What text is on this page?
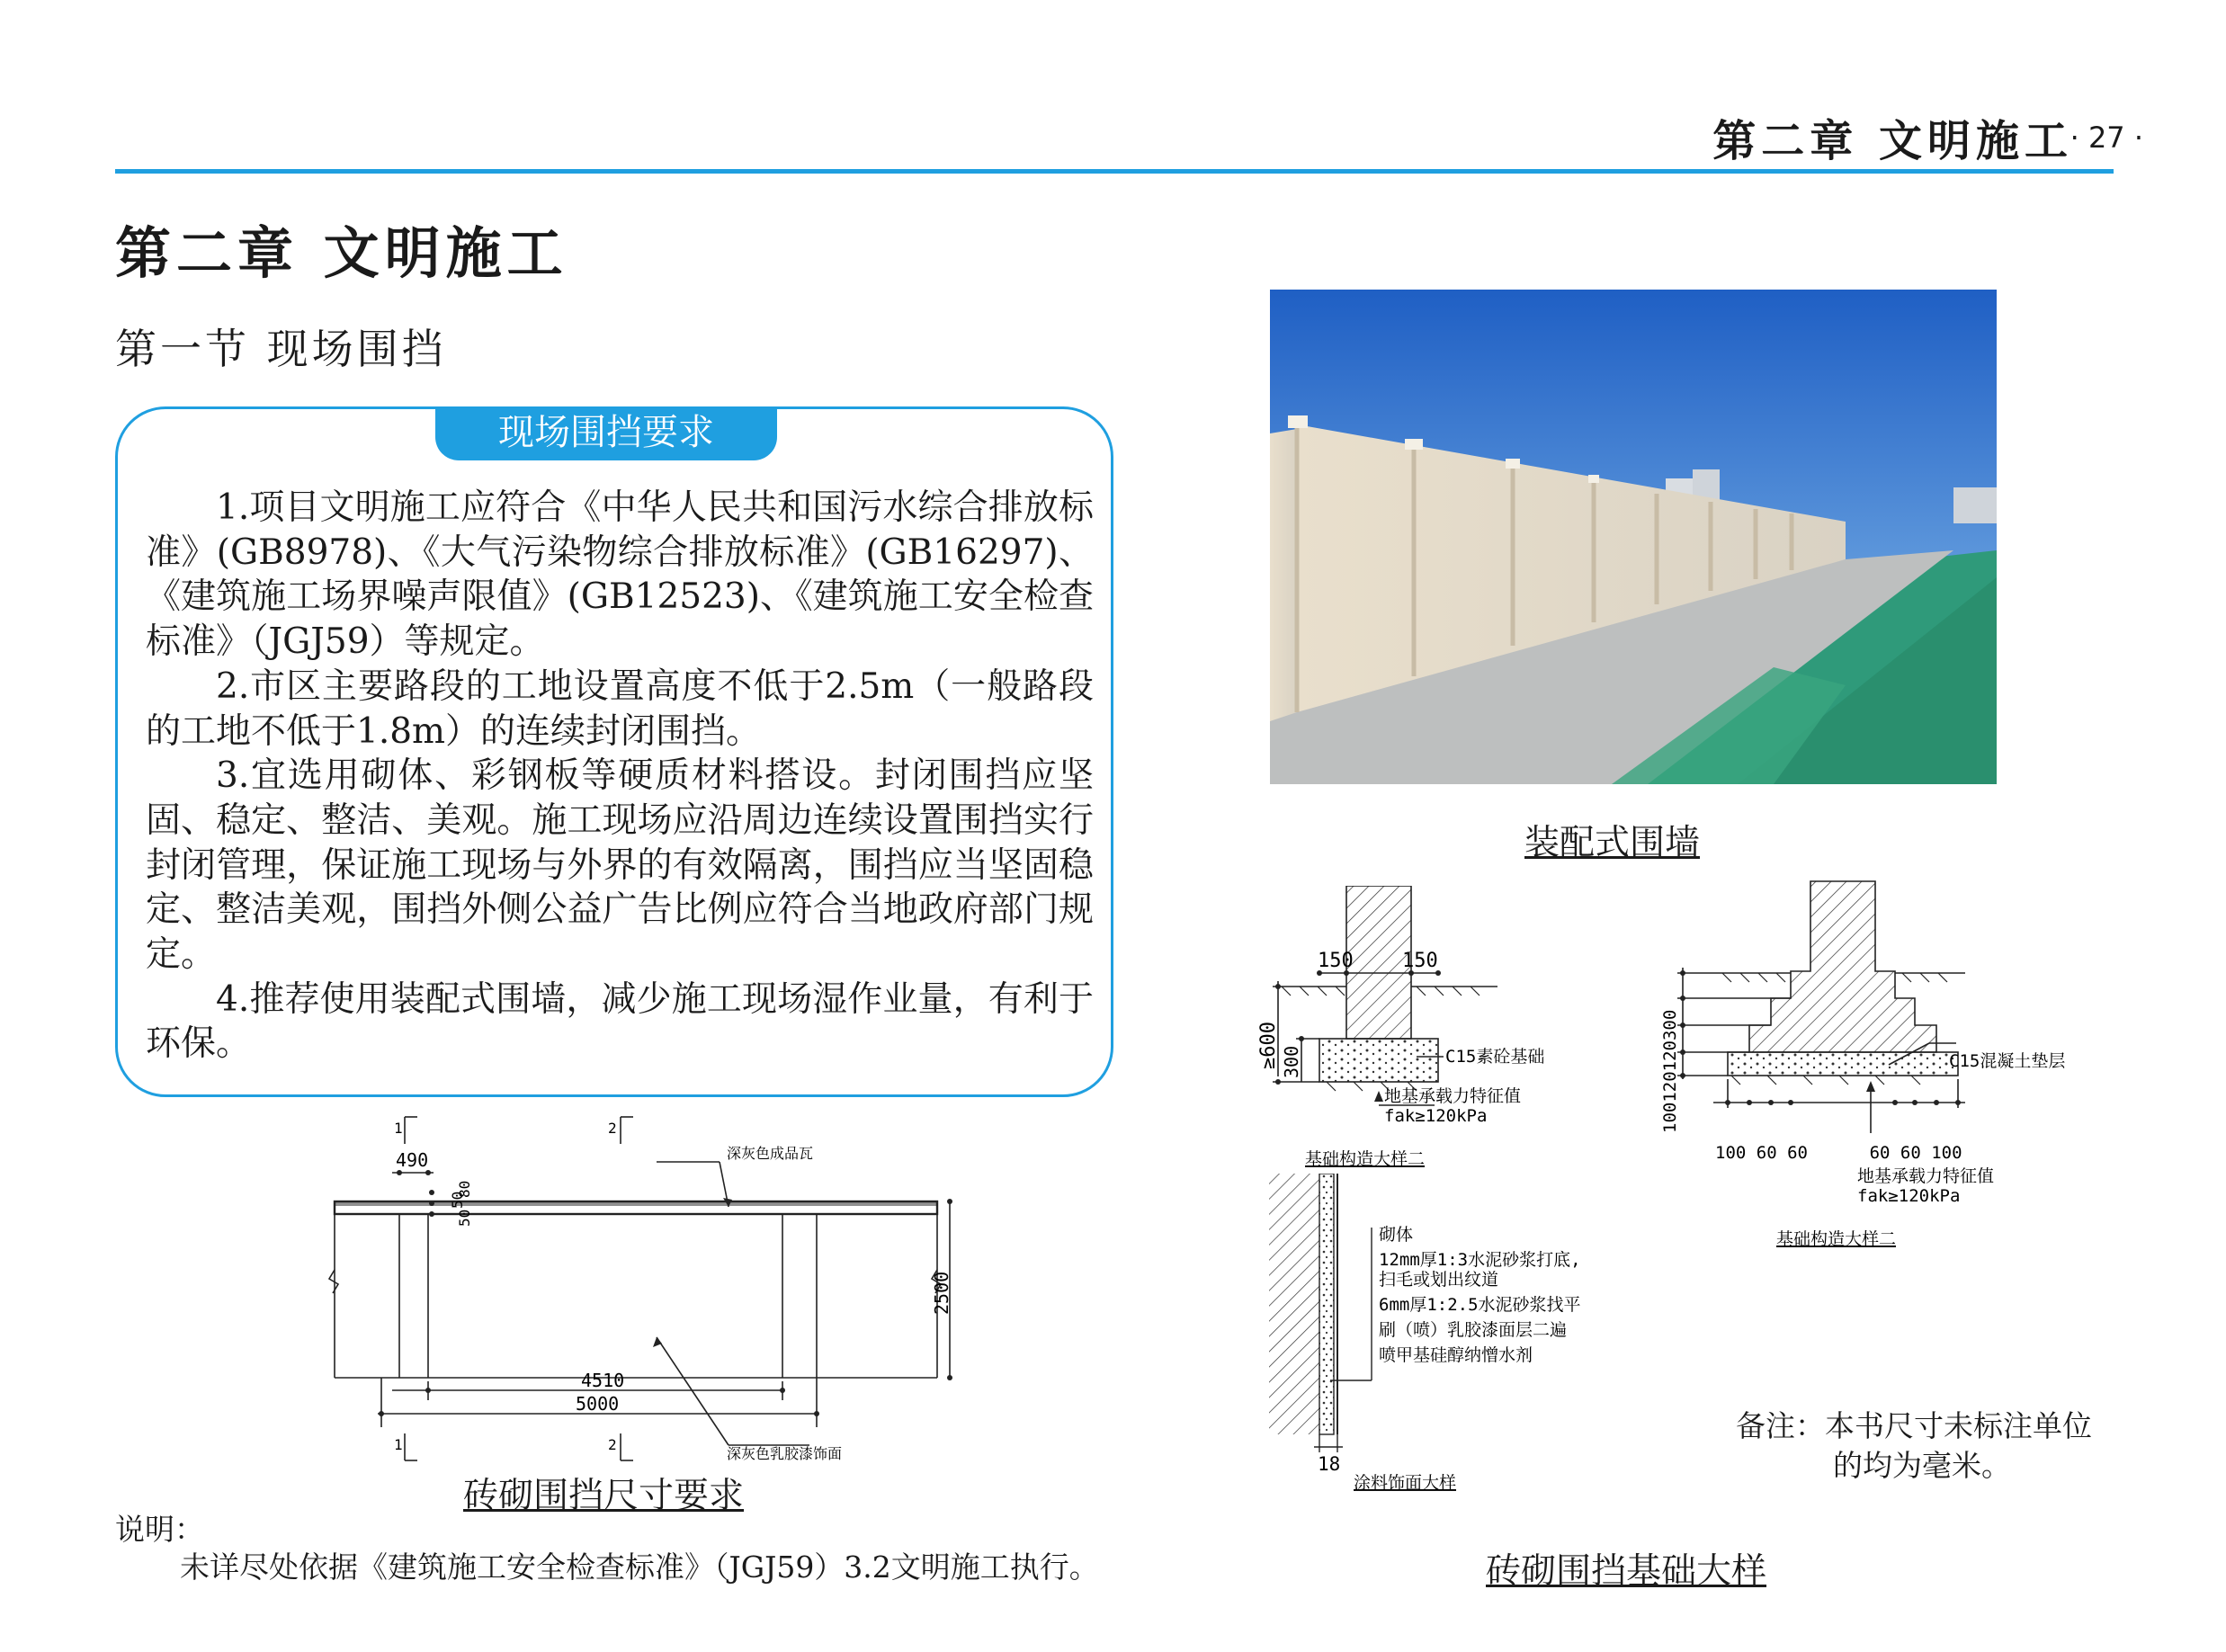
第二章 文明施工
· 27 ·
第二章 文明施工
第一节 现场围挡
现场围挡要求

1.项目文明施工应符合《中华人民共和国污水综合排放标准》(GB8978)、《大气污染物综合排放标准》(GB16297)、《建筑施工场界噪声限值》(GB12523)、《建筑施工安全检查标准》（JGJ59）等规定。

2.市区主要路段的工地设置高度不低于2.5m（一般路段的工地不低于1.8m）的连续封闭围挡。

3.宜选用砌体、彩钢板等硬质材料搭设。封闭围挡应坚固、稳定、整洁、美观。施工现场应沿周边连续设置围挡实行封闭管理，保证施工现场与外界的有效隔离，围挡应当坚固稳定、整洁美观，围挡外侧公益广告比例应符合当地政府部门规定。

4.推荐使用装配式围墙，减少施工现场湿作业量，有利于环保。

装配式围墙
490
50
80
50
2500
4510
5000
1	2
1	2
深灰色成品瓦
深灰色乳胶漆饰面
砖砌围挡尺寸要求
150 150
≥600 300	C15素砼基础
地基承载力特征值
fak≥120kPa
基础构造大样二
100120120300
100 60 60      60 60 100
C15混凝土垫层
地基承载力特征值
fak≥120kPa
基础构造大样二
18
砌体
12mm厚1:3水泥砂浆打底,
扫毛或划出纹道
6mm厚1:2.5水泥砂浆找平
刷（喷）乳胶漆面层二遍
喷甲基硅醇纳憎水剂
涂料饰面大样
备注：本书尺寸未标注单位
的均为毫米。
砖砌围挡基础大样
说明：
未详尽处依据《建筑施工安全检查标准》（JGJ59）3.2文明施工执行。
